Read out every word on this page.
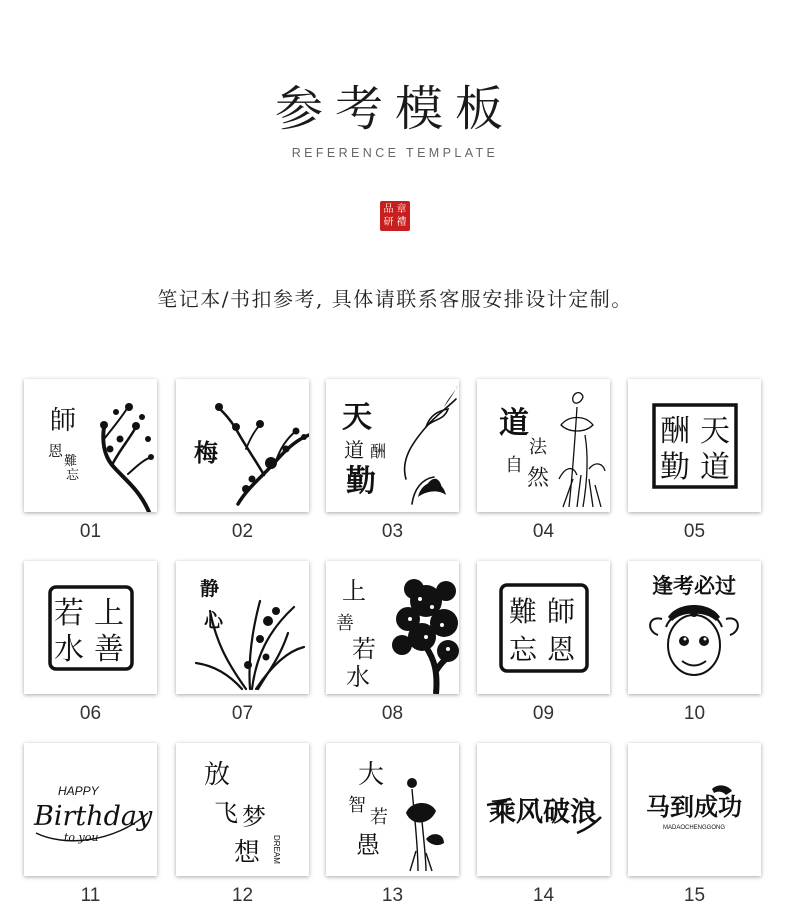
参考模板
REFERENCE TEMPLATE
品 章
研 禮
笔记本/书扣参考, 具体请联系客服安排设计定制。
師
恩
難
忘
01
梅
02
天
道 酬
勤
03
道
法
自
然
04
天
道
酬
勤
05
上
善
若
水
06
静
心
07
上
善
若
水
08
師
恩
難
忘
09
逢考必过
10
HAPPY
Birthday
to you
11
放
飞 梦
想 DREAM
12
大
智
若
愚
13
乘风破浪
14
马到成功
MADAOCHENGGONG
15
